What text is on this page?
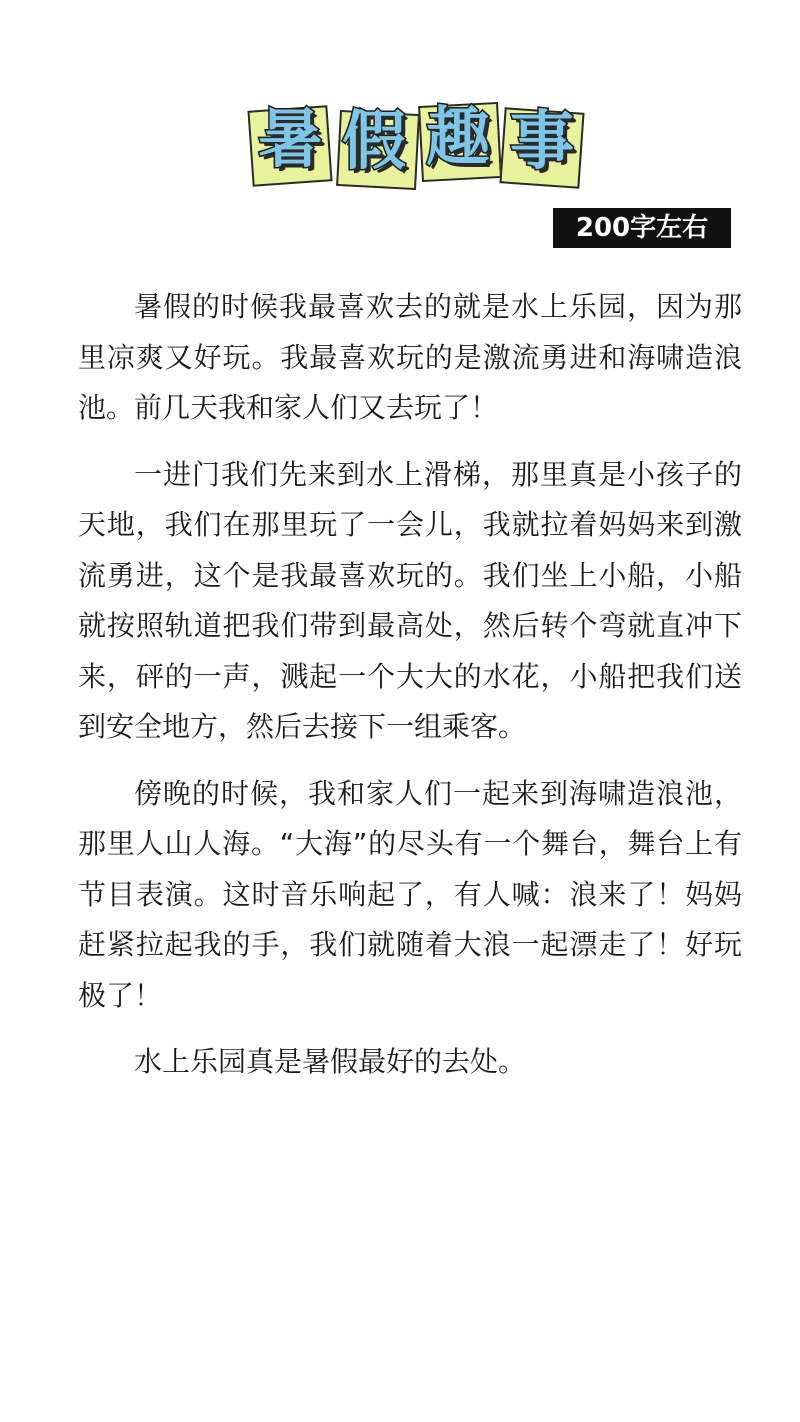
暑 假 趣 事
200字左右

暑假的时候我最喜欢去的就是水上乐园，因为那里凉爽又好玩。我最喜欢玩的是激流勇进和海啸造浪池。前几天我和家人们又去玩了！

一进门我们先来到水上滑梯，那里真是小孩子的天地，我们在那里玩了一会儿，我就拉着妈妈来到激流勇进，这个是我最喜欢玩的。我们坐上小船，小船就按照轨道把我们带到最高处，然后转个弯就直冲下来，砰的一声，溅起一个大大的水花，小船把我们送到安全地方，然后去接下一组乘客。

傍晚的时候，我和家人们一起来到海啸造浪池，那里人山人海。“大海”的尽头有一个舞台，舞台上有节目表演。这时音乐响起了，有人喊：浪来了！妈妈赶紧拉起我的手，我们就随着大浪一起漂走了！好玩极了！

水上乐园真是暑假最好的去处。
